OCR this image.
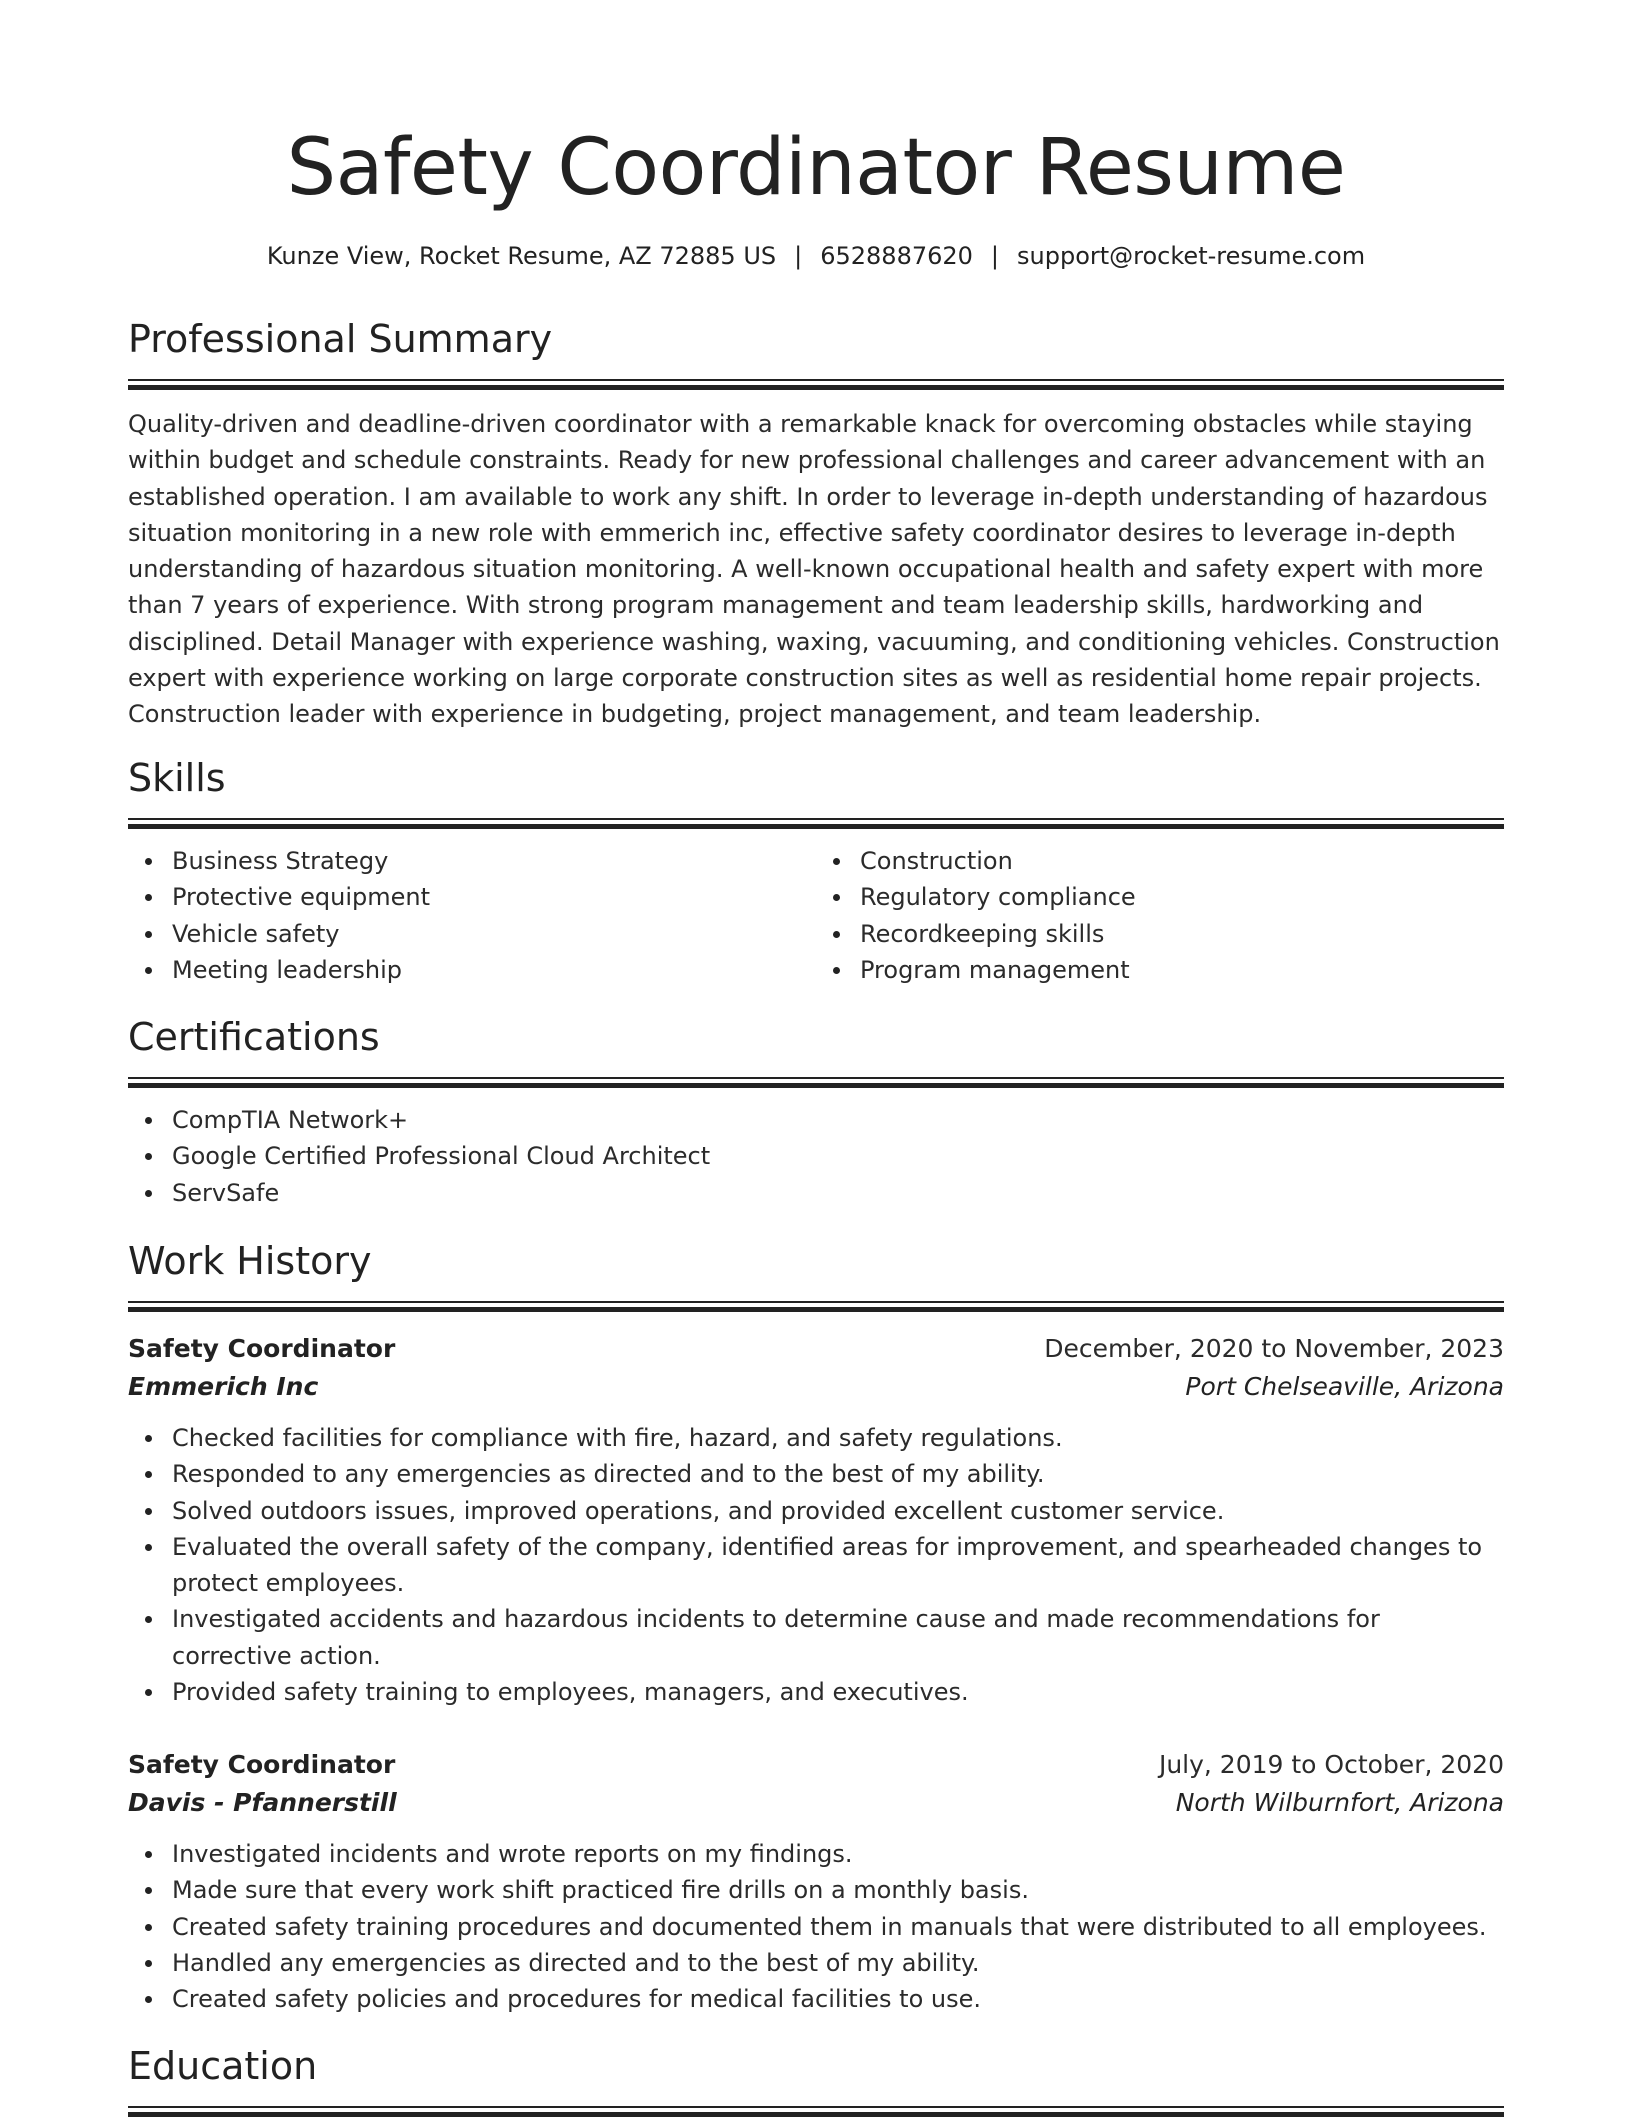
Safety Coordinator Resume
Kunze View, Rocket Resume, AZ 72885 US | 6528887620 | support@rocket-resume.com
Professional Summary
Quality-driven and deadline-driven coordinator with a remarkable knack for overcoming obstacles while staying within budget and schedule constraints. Ready for new professional challenges and career advancement with an established operation. I am available to work any shift. In order to leverage in-depth understanding of hazardous situation monitoring in a new role with emmerich inc, effective safety coordinator desires to leverage in-depth understanding of hazardous situation monitoring. A well-known occupational health and safety expert with more than 7 years of experience. With strong program management and team leadership skills, hardworking and disciplined. Detail Manager with experience washing, waxing, vacuuming, and conditioning vehicles. Construction expert with experience working on large corporate construction sites as well as residential home repair projects. Construction leader with experience in budgeting, project management, and team leadership.
Skills
Business Strategy
Protective equipment
Vehicle safety
Meeting leadership
Construction
Regulatory compliance
Recordkeeping skills
Program management
Certifications
CompTIA Network+
Google Certified Professional Cloud Architect
ServSafe
Work History
Safety Coordinator	December, 2020 to November, 2023
Emmerich Inc	Port Chelseaville, Arizona
Checked facilities for compliance with fire, hazard, and safety regulations.
Responded to any emergencies as directed and to the best of my ability.
Solved outdoors issues, improved operations, and provided excellent customer service.
Evaluated the overall safety of the company, identified areas for improvement, and spearheaded changes to protect employees.
Investigated accidents and hazardous incidents to determine cause and made recommendations for corrective action.
Provided safety training to employees, managers, and executives.
Safety Coordinator	July, 2019 to October, 2020
Davis - Pfannerstill	North Wilburnfort, Arizona
Investigated incidents and wrote reports on my findings.
Made sure that every work shift practiced fire drills on a monthly basis.
Created safety training procedures and documented them in manuals that were distributed to all employees.
Handled any emergencies as directed and to the best of my ability.
Created safety policies and procedures for medical facilities to use.
Education
